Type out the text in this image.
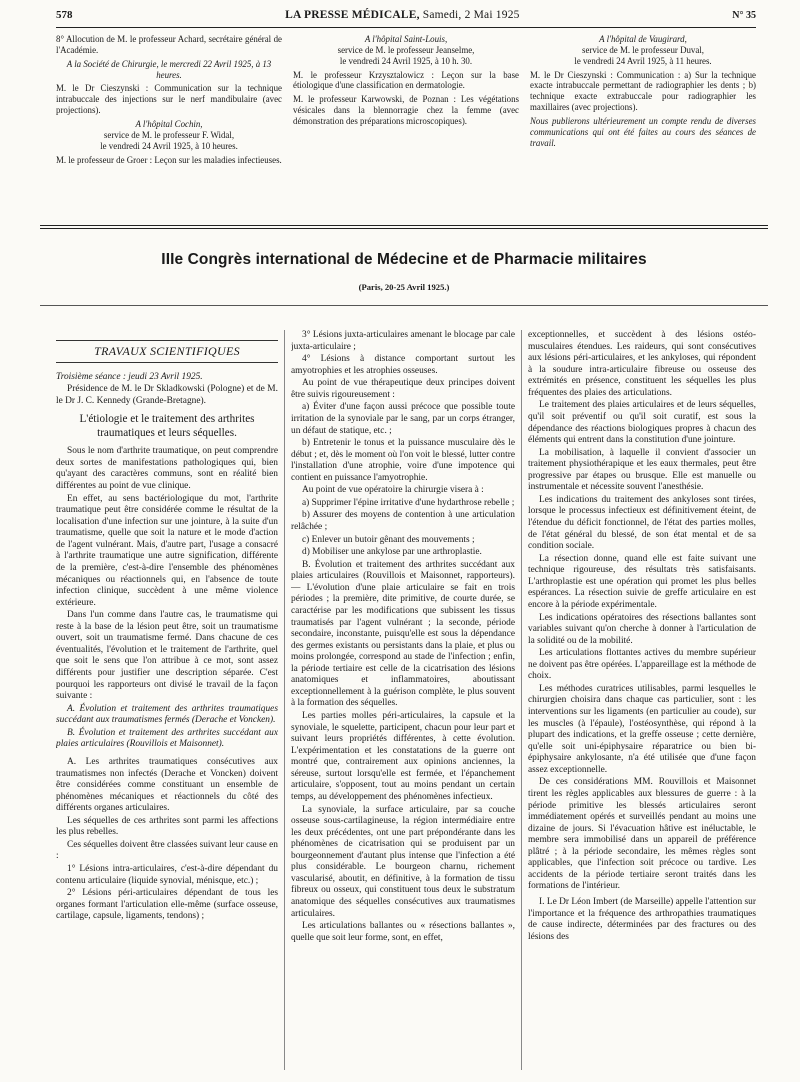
578	LA PRESSE MÉDICALE, Samedi, 2 Mai 1925	N° 35

8° Allocution de M. le professeur Achard, secrétaire général de l'Académie.

A la Société de Chirurgie, le mercredi 22 Avril 1925, à 13 heures.

M. le Dr Cieszynski : Communication sur la technique intrabuccale des injections sur le nerf mandibulaire (avec projections).

A l'hôpital Cochin,

service de M. le professeur F. Widal,

le vendredi 24 Avril 1925, à 10 heures.

M. le professeur de Groer : Leçon sur les maladies infectieuses.

A l'hôpital Saint-Louis,

service de M. le professeur Jeanselme,

le vendredi 24 Avril 1925, à 10 h. 30.

M. le professeur Krzysztalowicz : Leçon sur la base étiologique d'une classification en dermatologie.

M. le professeur Karwowski, de Poznan : Les végétations vésicales dans la blennorragie chez la femme (avec démonstration des préparations microscopiques).

A l'hôpital de Vaugirard,

service de M. le professeur Duval,

le vendredi 24 Avril 1925, à 11 heures.

M. le Dr Cieszynski : Communication : a) Sur la technique exacte intrabuccale permettant de radiographier les dents ; b) technique exacte extrabuccale pour radiographier les maxillaires (avec projections).

Nous publierons ultérieurement un compte rendu de diverses communications qui ont été faites au cours des séances de travail.

IIIe Congrès international de Médecine et de Pharmacie militaires
(Paris, 20-25 Avril 1925.)
TRAVAUX SCIENTIFIQUES

Troisième séance : jeudi 23 Avril 1925.

Présidence de M. le Dr Skladkowski (Pologne) et de M. le Dr J. C. Kennedy (Grande-Bretagne).

L'étiologie et le traitement des arthrites traumatiques et leurs séquelles.

Sous le nom d'arthrite traumatique, on peut comprendre deux sortes de manifestations pathologiques qui, bien qu'ayant des caractères communs, sont en réalité bien différentes au point de vue clinique.

En effet, au sens bactériologique du mot, l'arthrite traumatique peut être considérée comme le résultat de la localisation d'une infection sur une jointure, à la suite d'un traumatisme, quelle que soit la nature et le mode d'action de l'agent vulnérant. Mais, d'autre part, l'usage a consacré à l'arthrite traumatique une autre signification, différente de la première, c'est-à-dire l'ensemble des phénomènes mécaniques ou réactionnels qui, en l'absence de toute infection clinique, succèdent à une même violence extérieure.

Dans l'un comme dans l'autre cas, le traumatisme qui reste à la base de la lésion peut être, soit un traumatisme ouvert, soit un traumatisme fermé. Dans chacune de ces éventualités, l'évolution et le traitement de l'arthrite, quel que soit le sens que l'on attribue à ce mot, sont assez différents pour justifier une description séparée. C'est pourquoi les rapporteurs ont divisé le travail de la façon suivante :

A. Évolution et traitement des arthrites traumatiques succédant aux traumatismes fermés (Derache et Voncken).

B. Évolution et traitement des arthrites succédant aux plaies articulaires (Rouvillois et Maisonnet).

A. Les arthrites traumatiques consécutives aux traumatismes non infectés (Derache et Voncken) doivent être considérées comme constituant un ensemble de phénomènes mécaniques et réactionnels du côté des différents organes articulaires.

Les séquelles de ces arthrites sont parmi les affections les plus rebelles.

Ces séquelles doivent être classées suivant leur cause en :

1° Lésions intra-articulaires, c'est-à-dire dépendant du contenu articulaire (liquide synovial, ménisque, etc.) ;

2° Lésions péri-articulaires dépendant de tous les organes formant l'articulation elle-même (surface osseuse, cartilage, capsule, ligaments, tendons) ;

3° Lésions juxta-articulaires amenant le blocage par cale juxta-articulaire ;

4° Lésions à distance comportant surtout les amyotrophies et les atrophies osseuses.

Au point de vue thérapeutique deux principes doivent être suivis rigoureusement :

a) Éviter d'une façon aussi précoce que possible toute irritation de la synoviale par le sang, par un corps étranger, un défaut de statique, etc. ;

b) Entretenir le tonus et la puissance musculaire dès le début ; et, dès le moment où l'on voit le blessé, lutter contre l'installation d'une atrophie, voire d'une impotence qui contient en puissance l'amyotrophie.

Au point de vue opératoire la chirurgie visera à :

a) Supprimer l'épine irritative d'une hydarthrose rebelle ;

b) Assurer des moyens de contention à une articulation relâchée ;

c) Enlever un butoir gênant des mouvements ;

d) Mobiliser une ankylose par une arthroplastie.

B. Évolution et traitement des arthrites succédant aux plaies articulaires (Rouvillois et Maisonnet, rapporteurs). — L'évolution d'une plaie articulaire se fait en trois périodes ; la première, dite primitive, de courte durée, se caractérise par les modifications que subissent les tissus traumatisés par l'agent vulnérant ; la seconde, période secondaire, inconstante, puisqu'elle est sous la dépendance des germes existants ou persistants dans la plaie, et plus ou moins prolongée, correspond au stade de l'infection ; enfin, la période tertiaire est celle de la cicatrisation des lésions anatomiques et inflammatoires, aboutissant exceptionnellement à la guérison complète, le plus souvent à la formation des séquelles.

Les parties molles péri-articulaires, la capsule et la synoviale, le squelette, participent, chacun pour leur part et suivant leurs propriétés différentes, à cette évolution. L'expérimentation et les constatations de la guerre ont montré que, contrairement aux opinions anciennes, la séreuse, surtout lorsqu'elle est fermée, et l'épanchement articulaire, s'opposent, tout au moins pendant un certain temps, au développement des phénomènes infectieux.

La synoviale, la surface articulaire, par sa couche osseuse sous-cartilagineuse, la région intermédiaire entre les deux précédentes, ont une part prépondérante dans les phénomènes de cicatrisation qui se produisent par un bourgeonnement d'autant plus intense que l'infection a été plus considérable. Le bourgeon charnu, richement vascularisé, aboutit, en définitive, à la formation de tissu fibreux ou osseux, qui constituent tous deux le substratum anatomique des séquelles consécutives aux traumatismes articulaires.

Les articulations ballantes ou « résections ballantes », quelle que soit leur forme, sont, en effet,

exceptionnelles, et succèdent à des lésions ostéo-musculaires étendues. Les raideurs, qui sont consécutives aux lésions péri-articulaires, et les ankyloses, qui répondent à la soudure intra-articulaire fibreuse ou osseuse des extrémités en présence, constituent les séquelles les plus fréquentes des plaies des articulations.

Le traitement des plaies articulaires et de leurs séquelles, qu'il soit préventif ou qu'il soit curatif, est sous la dépendance des réactions biologiques propres à chacun des éléments qui entrent dans la constitution d'une jointure.

La mobilisation, à laquelle il convient d'associer un traitement physiothérapique et les eaux thermales, peut être progressive par étapes ou brusque. Elle est manuelle ou instrumentale et nécessite souvent l'anesthésie.

Les indications du traitement des ankyloses sont tirées, lorsque le processus infectieux est définitivement éteint, de l'étendue du déficit fonctionnel, de l'état des parties molles, de l'état général du blessé, de son état mental et de sa condition sociale.

La résection donne, quand elle est faite suivant une technique rigoureuse, des résultats très satisfaisants. L'arthroplastie est une opération qui promet les plus belles espérances. La résection suivie de greffe articulaire en est encore à la période expérimentale.

Les indications opératoires des résections ballantes sont variables suivant qu'on cherche à donner à l'articulation de la solidité ou de la mobilité.

Les articulations flottantes actives du membre supérieur ne doivent pas être opérées. L'appareillage est la méthode de choix.

Les méthodes curatrices utilisables, parmi lesquelles le chirurgien choisira dans chaque cas particulier, sont : les interventions sur les ligaments (en particulier au coude), sur les muscles (à l'épaule), l'ostéosynthèse, qui répond à la plupart des indications, et la greffe osseuse ; cette dernière, qu'elle soit uni-épiphysaire réparatrice ou bien bi-épiphysaire ankylosante, n'a été utilisée que d'une façon assez exceptionnelle.

De ces considérations MM. Rouvillois et Maisonnet tirent les règles applicables aux blessures de guerre : à la période primitive les blessés articulaires seront immédiatement opérés et surveillés pendant au moins une dizaine de jours. Si l'évacuation hâtive est inéluctable, le membre sera immobilisé dans un appareil de préférence plâtré ; à la période secondaire, les mêmes règles sont applicables, que l'infection soit précoce ou tardive. Les accidents de la période tertiaire seront traités dans les formations de l'intérieur.

I. Le Dr Léon Imbert (de Marseille) appelle l'attention sur l'importance et la fréquence des arthropathies traumatiques de cause indirecte, déterminées par des fractures ou des lésions des
